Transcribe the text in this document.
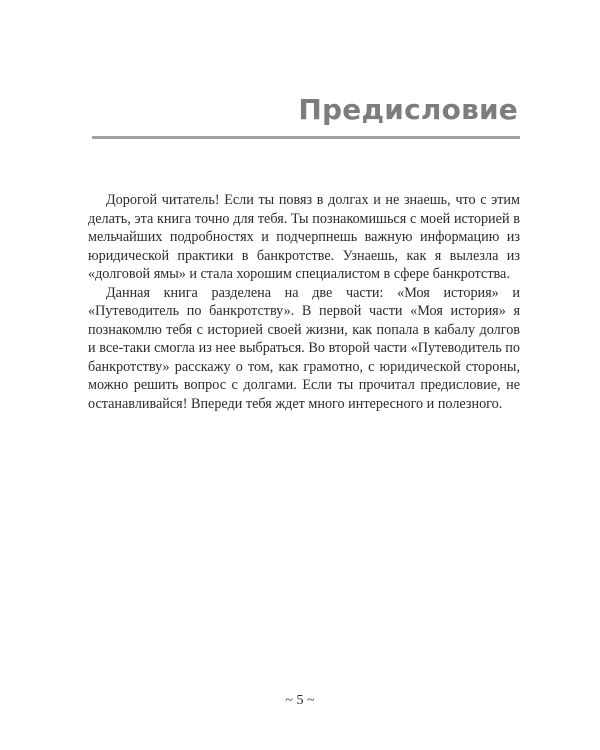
Предисловие

Дорогой читатель! Если ты повяз в долгах и не знаешь, что с этим делать, эта книга точно для тебя. Ты познакомишься с моей историей в мельчайших подробностях и подчерпнешь важную информацию из юридической практики в банкротстве. Узнаешь, как я вылезла из «долговой ямы» и стала хорошим специалистом в сфере банкротства.

Данная книга разделена на две части: «Моя история» и «Путеводитель по банкротству». В первой части «Моя история» я познакомлю тебя с историей своей жизни, как попала в кабалу долгов и все-таки смогла из нее выбраться. Во второй части «Путеводитель по банкротству» расскажу о том, как грамотно, с юридической стороны, можно решить вопрос с долгами. Если ты прочитал предисловие, не останавливайся! Впереди тебя ждет много интересного и полезного.

~ 5 ~
